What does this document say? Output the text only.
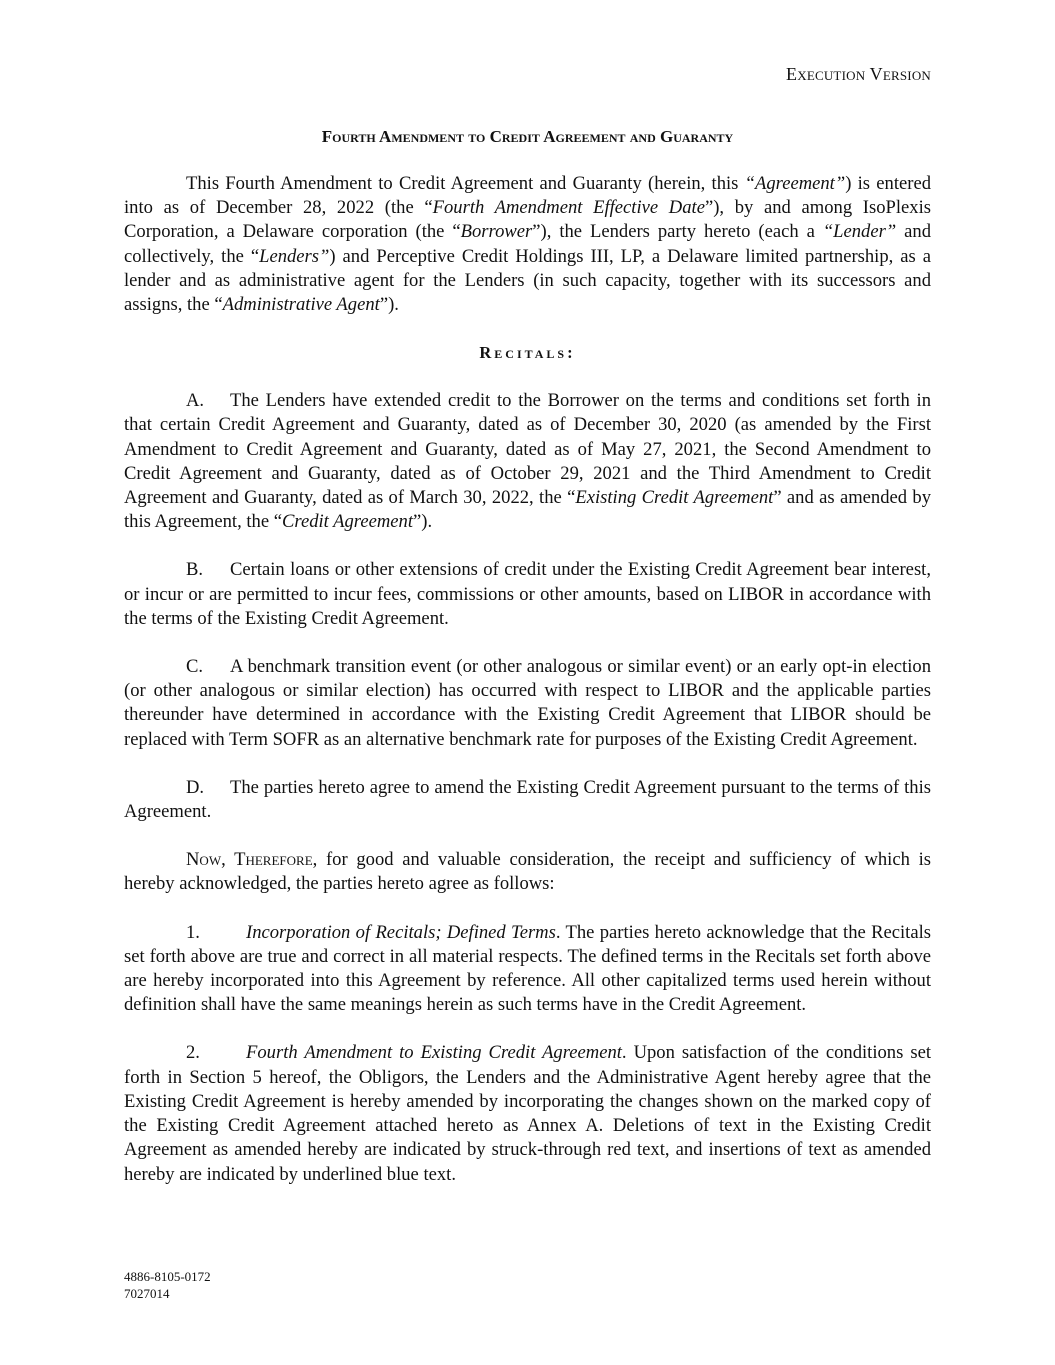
Execution Version
Fourth Amendment to Credit Agreement and Guaranty

This Fourth Amendment to Credit Agreement and Guaranty (herein, this “Agreement”) is entered into as of December 28, 2022 (the “Fourth Amendment Effective Date”), by and among IsoPlexis Corporation, a Delaware corporation (the “Borrower”), the Lenders party hereto (each a “Lender” and collectively, the “Lenders”) and Perceptive Credit Holdings III, LP, a Delaware limited partnership, as a lender and as administrative agent for the Lenders (in such capacity, together with its successors and assigns, the “Administrative Agent”).

Recitals:

A. The Lenders have extended credit to the Borrower on the terms and conditions set forth in that certain Credit Agreement and Guaranty, dated as of December 30, 2020 (as amended by the First Amendment to Credit Agreement and Guaranty, dated as of May 27, 2021, the Second Amendment to Credit Agreement and Guaranty, dated as of October 29, 2021 and the Third Amendment to Credit Agreement and Guaranty, dated as of March 30, 2022, the “Existing Credit Agreement” and as amended by this Agreement, the “Credit Agreement”).

B. Certain loans or other extensions of credit under the Existing Credit Agreement bear interest, or incur or are permitted to incur fees, commissions or other amounts, based on LIBOR in accordance with the terms of the Existing Credit Agreement.

C. A benchmark transition event (or other analogous or similar event) or an early opt-in election (or other analogous or similar election) has occurred with respect to LIBOR and the applicable parties thereunder have determined in accordance with the Existing Credit Agreement that LIBOR should be replaced with Term SOFR as an alternative benchmark rate for purposes of the Existing Credit Agreement.

D. The parties hereto agree to amend the Existing Credit Agreement pursuant to the terms of this Agreement.

Now, Therefore, for good and valuable consideration, the receipt and sufficiency of which is hereby acknowledged, the parties hereto agree as follows:

1. Incorporation of Recitals; Defined Terms. The parties hereto acknowledge that the Recitals set forth above are true and correct in all material respects. The defined terms in the Recitals set forth above are hereby incorporated into this Agreement by reference. All other capitalized terms used herein without definition shall have the same meanings herein as such terms have in the Credit Agreement.

2. Fourth Amendment to Existing Credit Agreement. Upon satisfaction of the conditions set forth in Section 5 hereof, the Obligors, the Lenders and the Administrative Agent hereby agree that the Existing Credit Agreement is hereby amended by incorporating the changes shown on the marked copy of the Existing Credit Agreement attached hereto as Annex A. Deletions of text in the Existing Credit Agreement as amended hereby are indicated by struck-through red text, and insertions of text as amended hereby are indicated by underlined blue text.

4886-8105-0172
7027014
